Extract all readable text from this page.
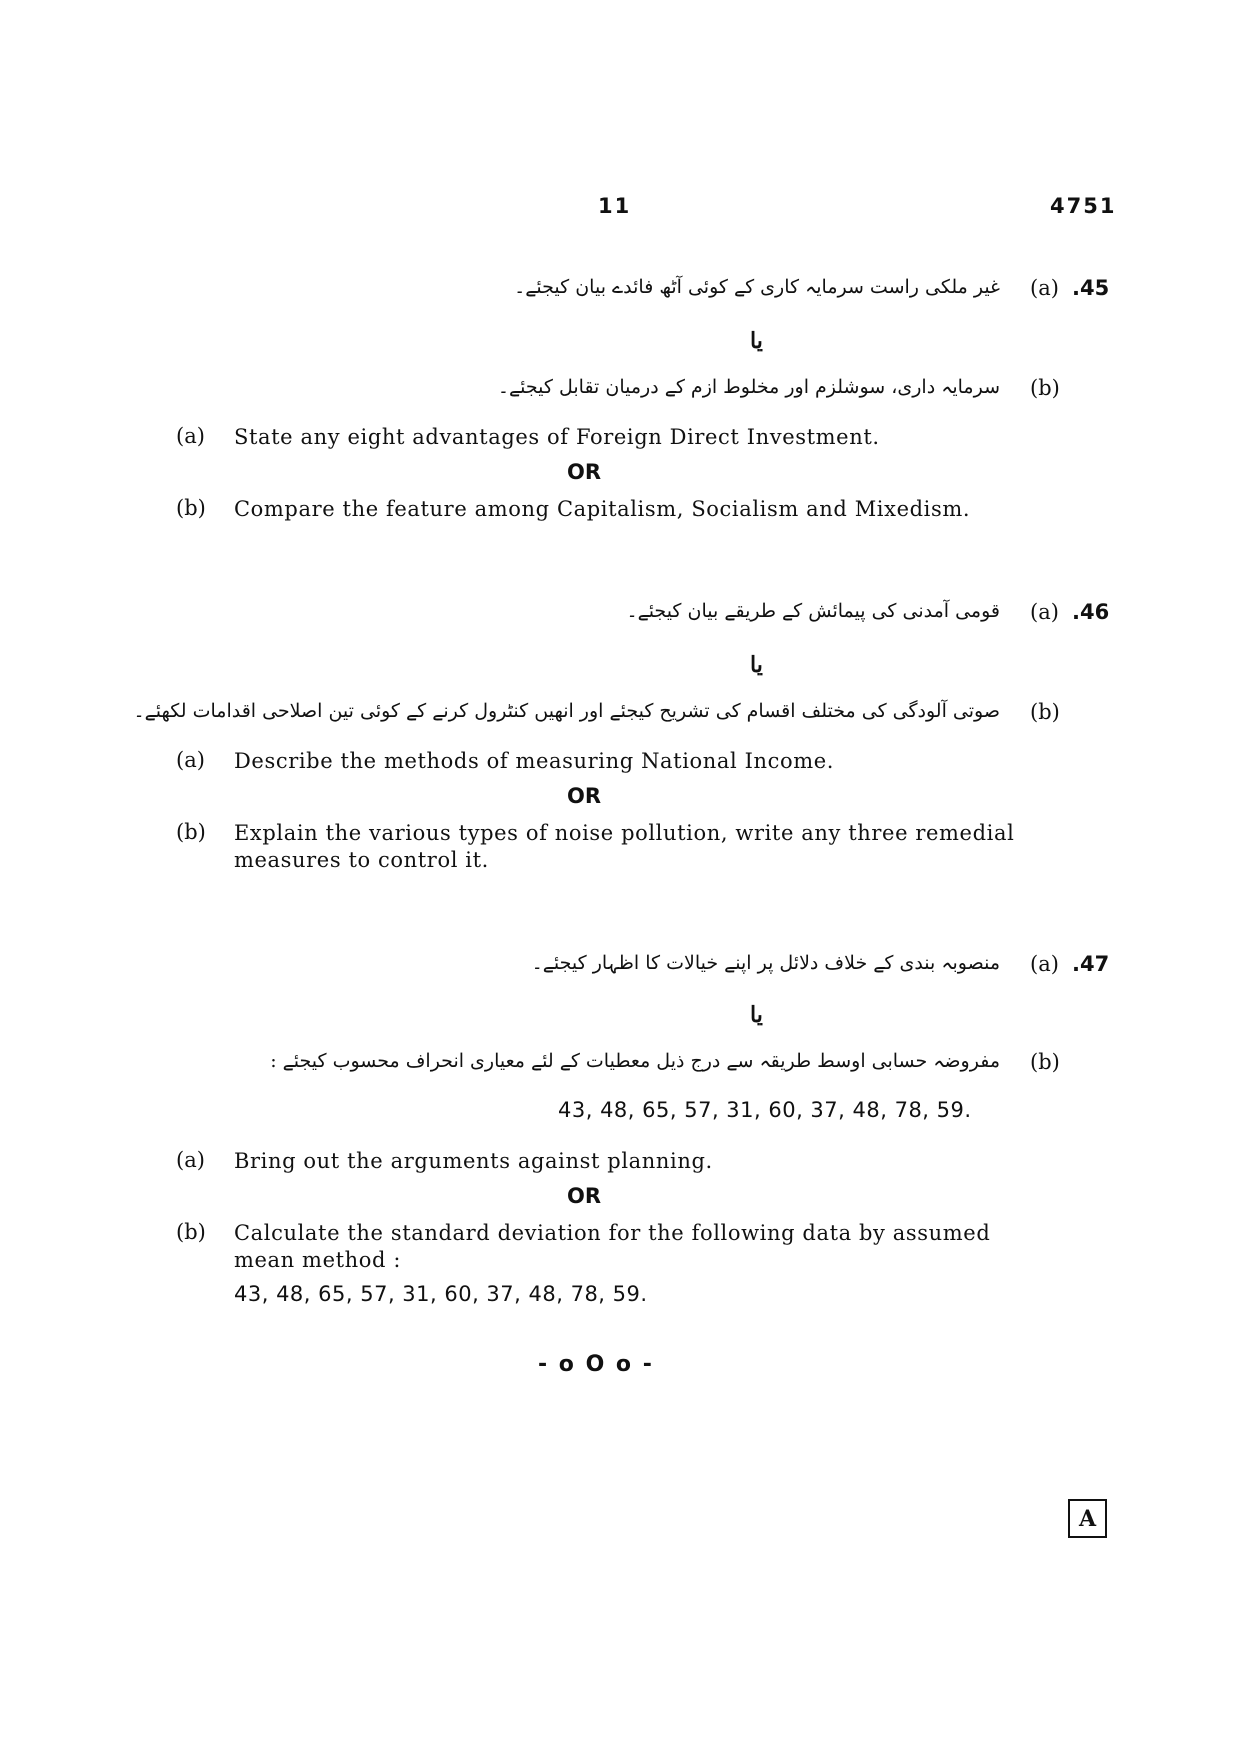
11	4751
.45
(a)
غیر ملکی راست سرمایہ کاری کے کوئی آٹھ فائدے بیان کیجئے۔
یا
(b)
سرمایہ داری، سوشلزم اور مخلوط ازم کے درمیان تقابل کیجئے۔
(a) State any eight advantages of Foreign Direct Investment.
OR
(b) Compare the feature among Capitalism, Socialism and Mixedism.
.46
(a)
قومی آمدنی کی پیمائش کے طریقے بیان کیجئے۔
یا
(b)
صوتی آلودگی کی مختلف اقسام کی تشریح کیجئے اور انھیں کنٹرول کرنے کے کوئی تین اصلاحی اقدامات لکھئے۔
(a) Describe the methods of measuring National Income.
OR
(b) Explain the various types of noise pollution, write any three remedial
measures to control it.
.47
(a)
منصوبہ بندی کے خلاف دلائل پر اپنے خیالات کا اظہار کیجئے۔
یا
(b)
مفروضہ حسابی اوسط طریقہ سے درج ذیل معطیات کے لئے معیاری انحراف محسوب کیجئے :
43, 48, 65, 57, 31, 60, 37, 48, 78, 59.
(a) Bring out the arguments against planning.
OR
(b) Calculate the standard deviation for the following data by assumed
mean method :
43, 48, 65, 57, 31, 60, 37, 48, 78, 59.
- o O o -
A
